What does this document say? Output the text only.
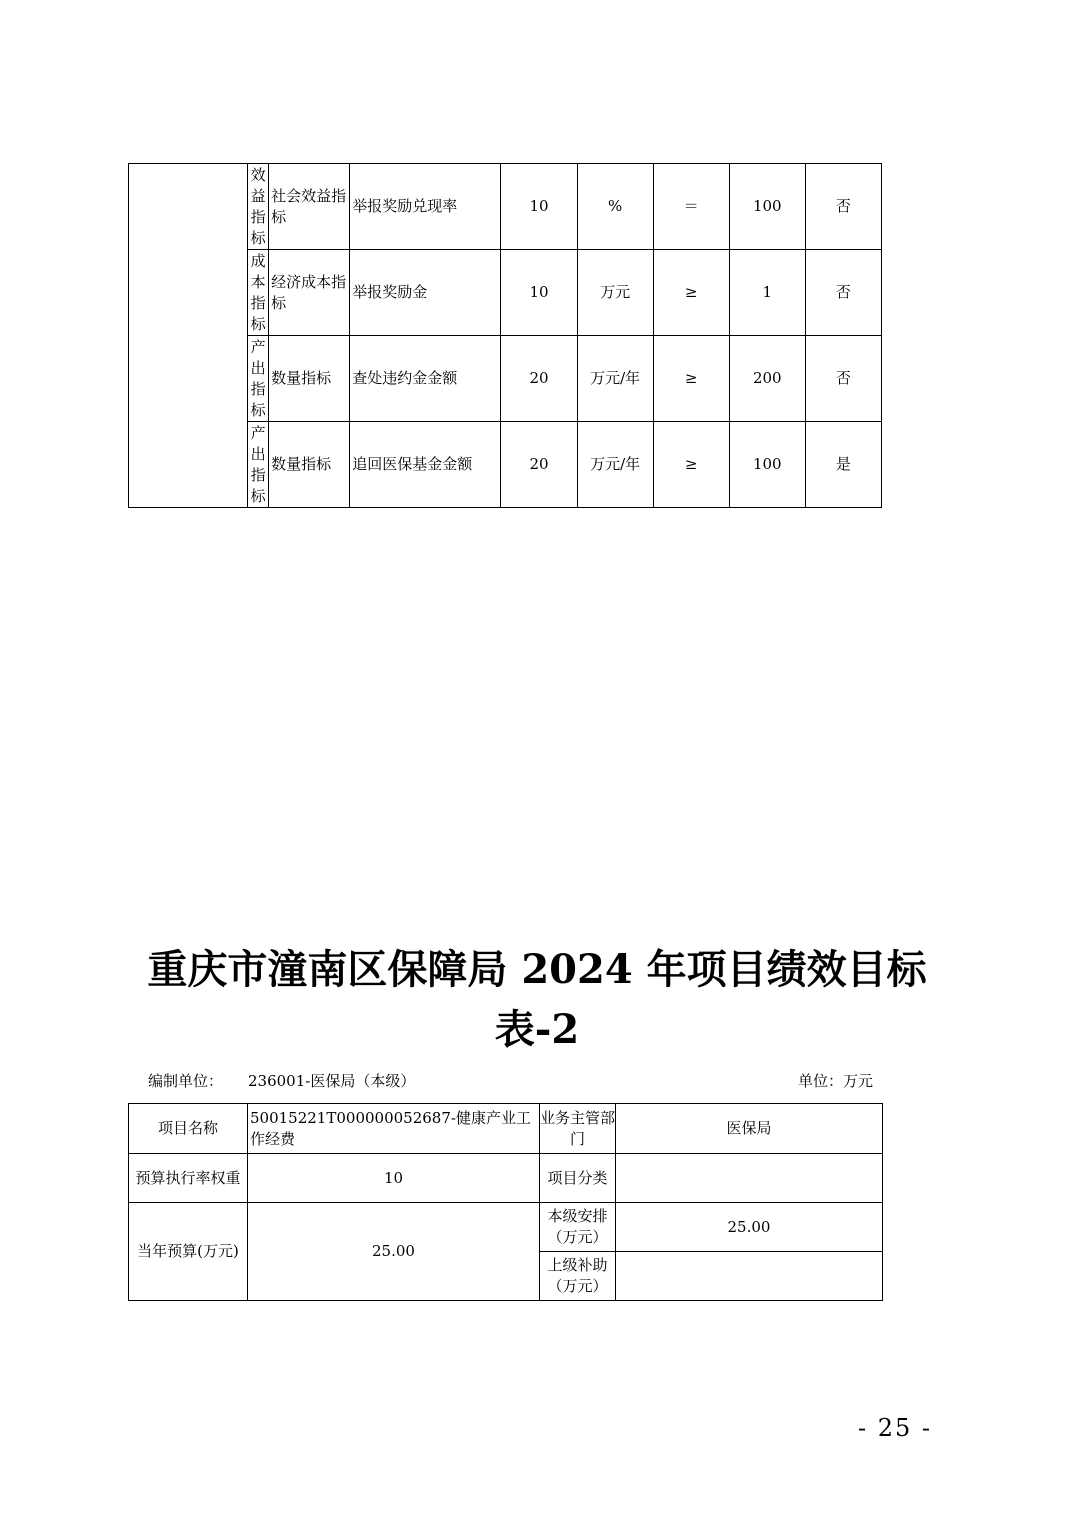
	效
益
指
标	社会效益指标	举报奖励兑现率	10	%	＝	100	否

	成
本
指
标	经济成本指标	举报奖励金	10	万元	≥	1	否

	产
出
指
标	数量指标	查处违约金金额	20	万元/年	≥	200	否

	产
出
指
标	数量指标	追回医保基金金额	20	万元/年	≥	100	是
重庆市潼南区保障局 2024 年项目绩效目标
表-2
编制单位： 236001-医保局（本级）	单位：万元
项目名称	50015221T000000052687-健康产业工作经费	业务主管部门	医保局
预算执行率权重	10	项目分类	
当年预算(万元)	25.00	本级安排（万元）	25.00
		上级补助（万元）	
- 25 -
